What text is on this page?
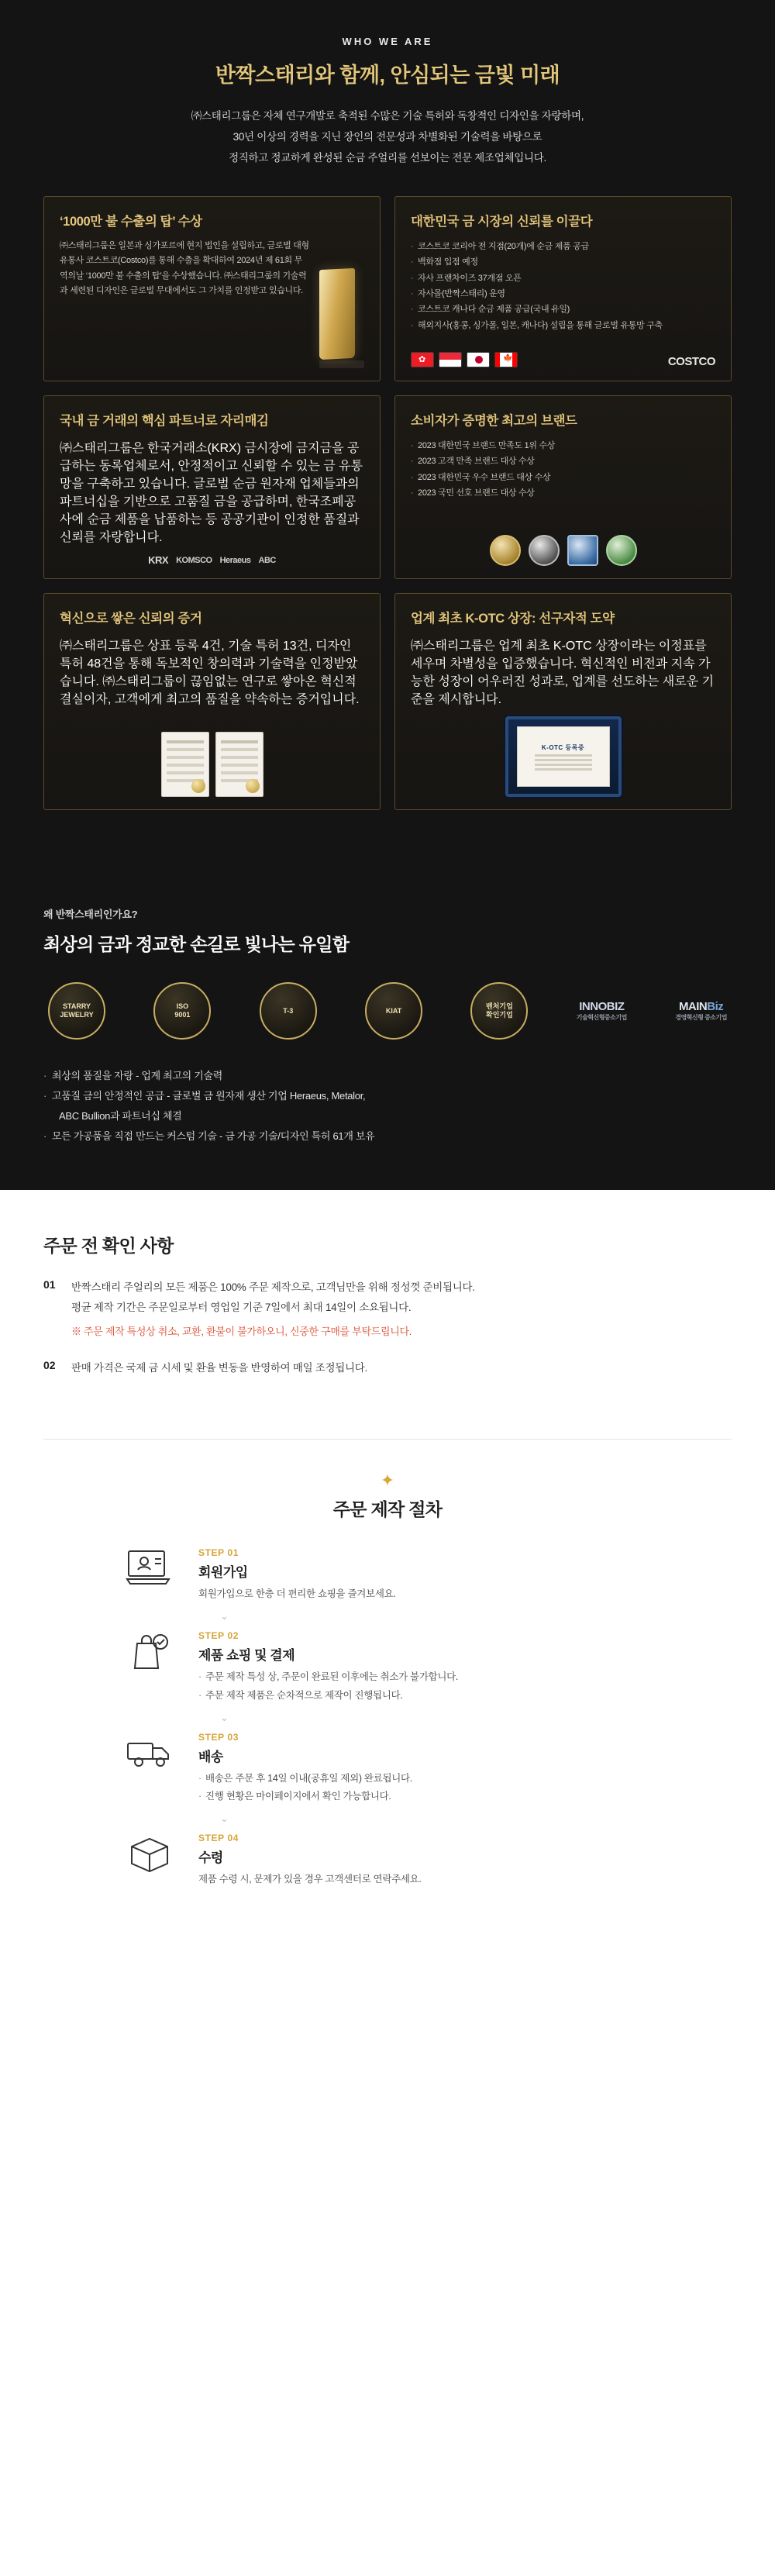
WHO WE ARE
반짝스태리와 함께, 안심되는 금빛 미래
㈜스태리그룹은 자체 연구개발로 축적된 수많은 기술 특허와 독창적인 디자인을 자랑하며,
30년 이상의 경력을 지닌 장인의 전문성과 차별화된 기술력을 바탕으로
정직하고 정교하게 완성된 순금 주얼리를 선보이는 전문 제조업체입니다.
‘1000만 불 수출의 탑’ 수상

㈜스태리그룹은 일본과 싱가포르에 현지 법인을 설립하고, 글로벌 대형 유통사 코스트코(Costco)를 통해 수출을 확대하여 2024년 제 61회 무역의날 ‘1000만 불 수출의 탑’을 수상했습니다. ㈜스태리그룹의 기술력과 세련된 디자인은 글로벌 무대에서도 그 가치를 인정받고 있습니다.

대한민국 금 시장의 신뢰를 이끌다
· 코스트코 코리아 전 지점(20개)에 순금 제품 공급
· 백화점 입점 예정
· 자사 프랜차이즈 37개점 오픈
· 자사몰(반짝스태리) 운영
· 코스트코 캐나다 순금 제품 공급(국내 유일)
· 해외지사(홍콩, 싱가폴, 일본, 캐나다) 설립을 통해 글로벌 유통망 구축
✿
🍁
COSTCO
국내 금 거래의 핵심 파트너로 자리매김

㈜스태리그룹은 한국거래소(KRX) 금시장에 금지금을 공급하는 동록업체로서, 안정적이고 신뢰할 수 있는 금 유통망을 구축하고 있습니다. 글로벌 순금 원자재 업체들과의 파트너십을 기반으로 고품질 금을 공급하며, 한국조폐공사에 순금 제품을 납품하는 등 공공기관이 인정한 품질과 신뢰를 자랑합니다.

KRX KOMSCO Heraeus ABC
소비자가 증명한 최고의 브랜드
· 2023 대한민국 브랜드 만족도 1위 수상
· 2023 고객 만족 브랜드 대상 수상
· 2023 대한민국 우수 브랜드 대상 수상
· 2023 국민 선호 브랜드 대상 수상
혁신으로 쌓은 신뢰의 증거

㈜스태리그룹은 상표 등록 4건, 기술 특허 13건, 디자인 특허 48건을 통해 독보적인 창의력과 기술력을 인정받았습니다. ㈜스태리그룹이 끊임없는 연구로 쌓아온 혁신적 결실이자, 고객에게 최고의 품질을 약속하는 증거입니다.

업계 최초 K-OTC 상장: 선구자적 도약

㈜스태리그룹은 업계 최초 K-OTC 상장이라는 이정표를 세우며 차별성을 입증했습니다. 혁신적인 비전과 지속 가능한 성장이 어우러진 성과로, 업계를 선도하는 새로운 기준을 제시합니다.

K-OTC 등록증
왜 반짝스태리인가요?
최상의 금과 정교한 손길로 빛나는 유일함
STARRY
JEWELRY
ISO
9001
T-3	KIAT
벤처기업
확인기업
INNOBIZ
기술혁신형중소기업
MAINBiz
경영혁신형 중소기업
· 최상의 품질을 자랑 - 업계 최고의 기술력
· 고품질 금의 안정적인 공급 - 글로벌 금 원자재 생산 기업 Heraeus, Metalor,
ABC Bullion과 파트너십 체결
· 모든 가공품을 직접 만드는 커스텀 기술 - 금 가공 기술/디자인 특허 61개 보유
주문 전 확인 사항
01	반짝스태리 주얼리의 모든 제품은 100% 주문 제작으로, 고객님만을 위해 정성껏 준비됩니다.
평균 제작 기간은 주문일로부터 영업일 기준 7일에서 최대 14일이 소요됩니다.
※ 주문 제작 특성상 취소, 교환, 환불이 불가하오니, 신중한 구매를 부탁드립니다.
02	판매 가격은 국제 금 시세 및 환율 변동을 반영하여 매일 조정됩니다.
✦
주문 제작 절차
STEP 01
회원가입
회원가입으로 한층 더 편리한 쇼핑을 즐겨보세요.
⌄
STEP 02
제품 쇼핑 및 결제
· 주문 제작 특성 상, 주문이 완료된 이후에는 취소가 불가합니다.
· 주문 제작 제품은 순차적으로 제작이 진행됩니다.
⌄
STEP 03
배송
· 배송은 주문 후 14일 이내(공휴일 제외) 완료됩니다.
· 진행 현황은 마이페이지에서 확인 가능합니다.
⌄
STEP 04
수령
제품 수령 시, 문제가 있을 경우 고객센터로 연락주세요.
